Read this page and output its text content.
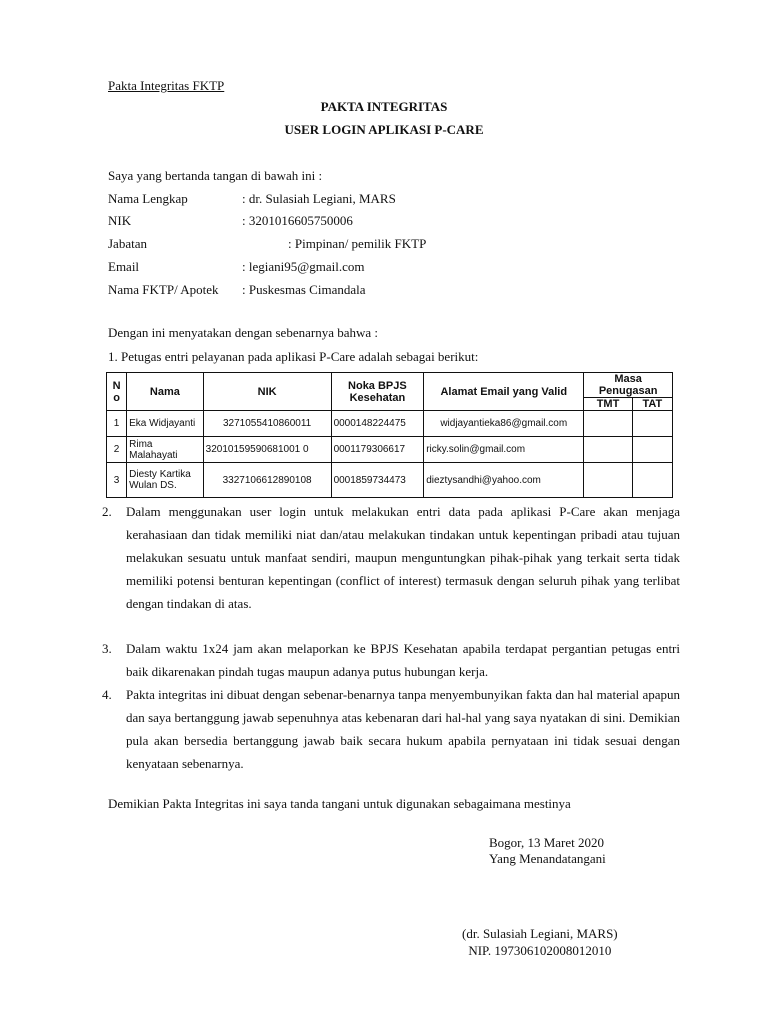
Pakta Integritas FKTP
PAKTA INTEGRITAS
USER LOGIN APLIKASI P-CARE
Saya yang bertanda tangan di bawah ini :
Nama Lengkap	: dr. Sulasiah Legiani, MARS
NIK	: 3201016605750006
Jabatan	: Pimpinan/ pemilik FKTP
Email	: legiani95@gmail.com
Nama FKTP/ Apotek : Puskesmas Cimandala
Dengan ini menyatakan dengan sebenarnya bahwa :
1. Petugas entri pelayanan pada aplikasi P-Care adalah sebagai berikut:
N o	Nama	NIK	Noka BPJS Kesehatan	Alamat Email yang Valid	Masa Penugasan	
					TMT	TAT
1	Eka Widjayanti	3271055410860011	0000148224475	widjayantieka86@gmail.com		
2	Rima Malahayati	32010159590681001 0	0001179306617	ricky.solin@gmail.com		
3	Diesty Kartika Wulan DS.	3327106612890108	0001859734473	dieztysandhi@yahoo.com		
2. Dalam menggunakan user login untuk melakukan entri data pada aplikasi P-Care akan menjaga kerahasiaan dan tidak memiliki niat dan/atau melakukan tindakan untuk kepentingan pribadi atau tujuan melakukan sesuatu untuk manfaat sendiri, maupun menguntungkan pihak-pihak yang terkait serta tidak memiliki potensi benturan kepentingan (conflict of interest) termasuk dengan seluruh pihak yang terlibat dengan tindakan di atas.
3. Dalam waktu 1x24 jam akan melaporkan ke BPJS Kesehatan apabila terdapat pergantian petugas entri baik dikarenakan pindah tugas maupun adanya putus hubungan kerja.
4. Pakta integritas ini dibuat dengan sebenar-benarnya tanpa menyembunyikan fakta dan hal material apapun dan saya bertanggung jawab sepenuhnya atas kebenaran dari hal-hal yang saya nyatakan di sini. Demikian pula akan bersedia bertanggung jawab baik secara hukum apabila pernyataan ini tidak sesuai dengan kenyataan sebenarnya.
Demikian Pakta Integritas ini saya tanda tangani untuk digunakan sebagaimana mestinya
Bogor, 13 Maret 2020
Yang Menandatangani
(dr. Sulasiah Legiani, MARS)
NIP. 197306102008012010
